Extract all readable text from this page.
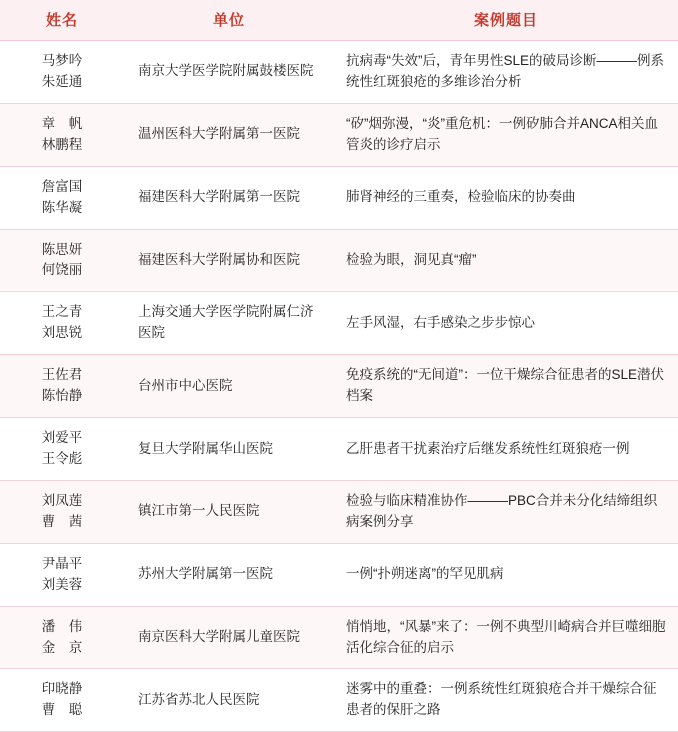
姓名	单位	案例题目

马梦吟
朱延通	南京大学医学院附属鼓楼医院	抗病毒“失效”后，青年男性SLE的破局诊断———例系统性红斑狼疮的多维诊治分析

章　帆
林鹏程	温州医科大学附属第一医院	“矽”烟弥漫，“炎”重危机：一例矽肺合并ANCA相关血管炎的诊疗启示

詹富国
陈华凝	福建医科大学附属第一医院	肺肾神经的三重奏，检验临床的协奏曲

陈思妍
何饶丽	福建医科大学附属协和医院	检验为眼，洞见真“瘤”

王之青
刘思锐	上海交通大学医学院附属仁济医院	左手风湿，右手感染之步步惊心

王佐君
陈怡静	台州市中心医院	免疫系统的“无间道”：一位干燥综合征患者的SLE潜伏档案

刘爱平
王令彪	复旦大学附属华山医院	乙肝患者干扰素治疗后继发系统性红斑狼疮一例

刘凤莲
曹　茜	镇江市第一人民医院	检验与临床精准协作———PBC合并未分化结缔组织病案例分享

尹晶平
刘美蓉	苏州大学附属第一医院	一例“扑朔迷离”的罕见肌病

潘　伟
金　京	南京医科大学附属儿童医院	悄悄地，“风暴”来了：一例不典型川崎病合并巨噬细胞活化综合征的启示

印晓静
曹　聪	江苏省苏北人民医院	迷雾中的重叠：一例系统性红斑狼疮合并干燥综合征患者的保肝之路
